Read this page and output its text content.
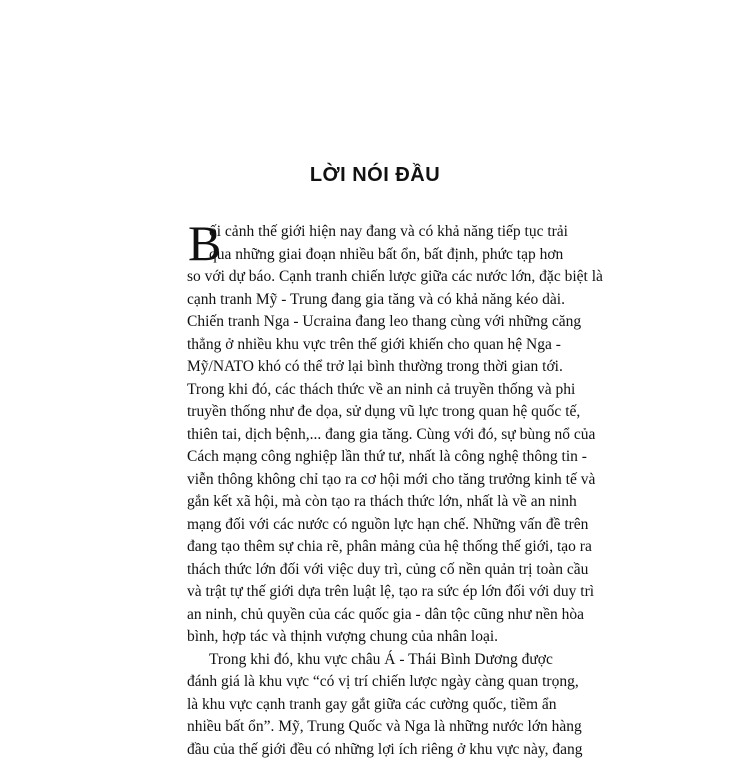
LỜI NÓI ĐẦU
B
ối cảnh thế giới hiện nay đang và có khả năng tiếp tục trải
qua những giai đoạn nhiều bất ổn, bất định, phức tạp hơn
so với dự báo. Cạnh tranh chiến lược giữa các nước lớn, đặc biệt là
cạnh tranh Mỹ - Trung đang gia tăng và có khả năng kéo dài.
Chiến tranh Nga - Ucraina đang leo thang cùng với những căng
thẳng ở nhiều khu vực trên thế giới khiến cho quan hệ Nga -
Mỹ/NATO khó có thể trở lại bình thường trong thời gian tới.
Trong khi đó, các thách thức về an ninh cả truyền thống và phi
truyền thống như đe dọa, sử dụng vũ lực trong quan hệ quốc tế,
thiên tai, dịch bệnh,... đang gia tăng. Cùng với đó, sự bùng nổ của
Cách mạng công nghiệp lần thứ tư, nhất là công nghệ thông tin -
viễn thông không chỉ tạo ra cơ hội mới cho tăng trưởng kinh tế và
gắn kết xã hội, mà còn tạo ra thách thức lớn, nhất là về an ninh
mạng đối với các nước có nguồn lực hạn chế. Những vấn đề trên
đang tạo thêm sự chia rẽ, phân mảng của hệ thống thế giới, tạo ra
thách thức lớn đối với việc duy trì, củng cố nền quản trị toàn cầu
và trật tự thế giới dựa trên luật lệ, tạo ra sức ép lớn đối với duy trì
an ninh, chủ quyền của các quốc gia - dân tộc cũng như nền hòa
bình, hợp tác và thịnh vượng chung của nhân loại.
Trong khi đó, khu vực châu Á - Thái Bình Dương được
đánh giá là khu vực “có vị trí chiến lược ngày càng quan trọng,
là khu vực cạnh tranh gay gắt giữa các cường quốc, tiềm ẩn
nhiều bất ổn”. Mỹ, Trung Quốc và Nga là những nước lớn hàng
đầu của thế giới đều có những lợi ích riêng ở khu vực này, đang
